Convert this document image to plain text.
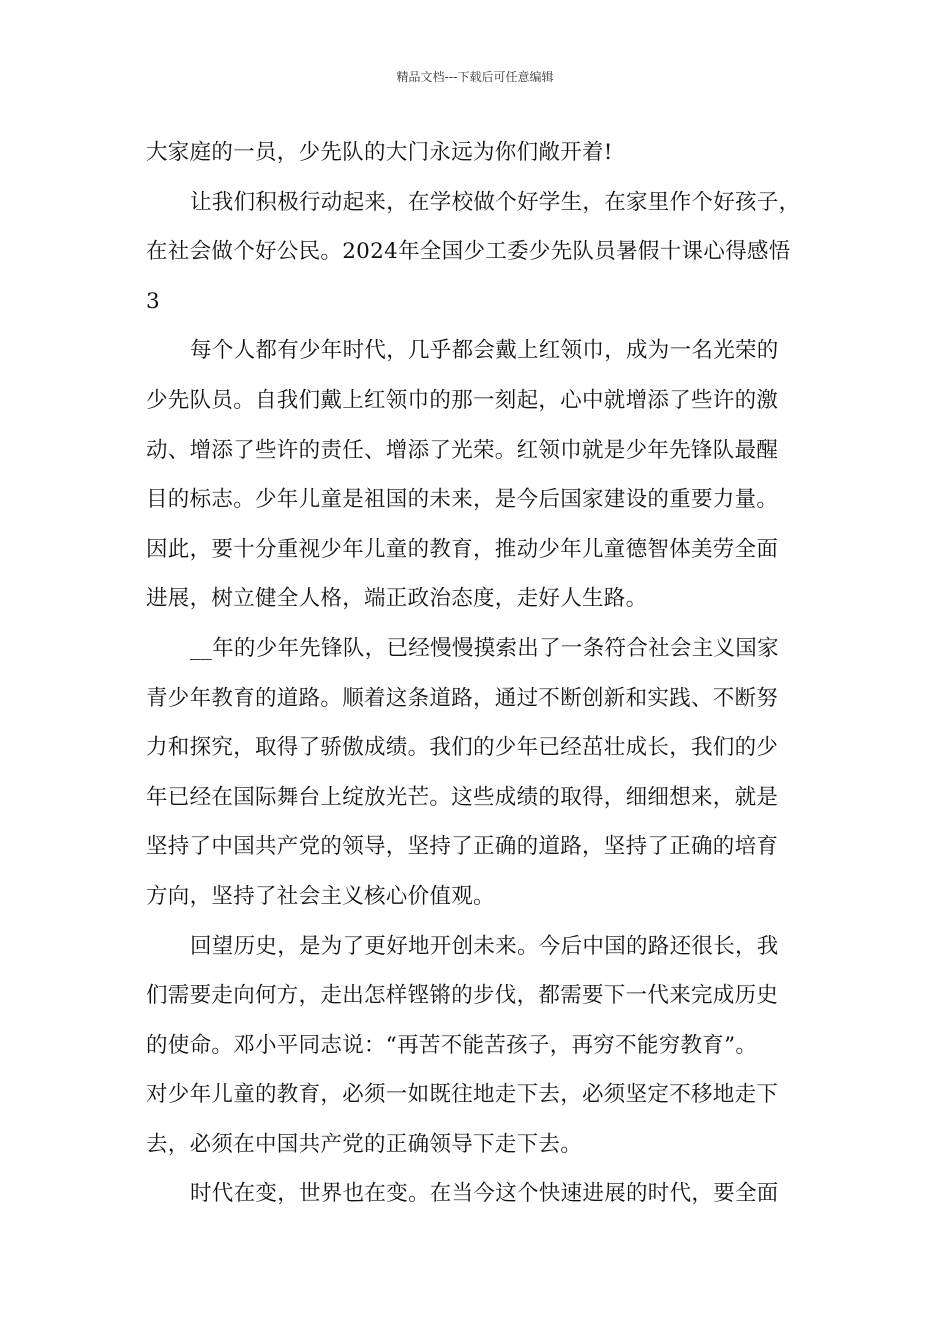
精品文档---下载后可任意编辑
大家庭的一员，少先队的大门永远为你们敞开着!
让我们积极行动起来，在学校做个好学生，在家里作个好孩子，
在社会做个好公民。2024年全国少工委少先队员暑假十课心得感悟
3
每个人都有少年时代，几乎都会戴上红领巾，成为一名光荣的
少先队员。自我们戴上红领巾的那一刻起，心中就增添了些许的激
动、增添了些许的责任、增添了光荣。红领巾就是少年先锋队最醒
目的标志。少年儿童是祖国的未来，是今后国家建设的重要力量。
因此，要十分重视少年儿童的教育，推动少年儿童德智体美劳全面
进展，树立健全人格，端正政治态度，走好人生路。
__年的少年先锋队，已经慢慢摸索出了一条符合社会主义国家
青少年教育的道路。顺着这条道路，通过不断创新和实践、不断努
力和探究，取得了骄傲成绩。我们的少年已经茁壮成长，我们的少
年已经在国际舞台上绽放光芒。这些成绩的取得，细细想来，就是
坚持了中国共产党的领导，坚持了正确的道路，坚持了正确的培育
方向，坚持了社会主义核心价值观。
回望历史，是为了更好地开创未来。今后中国的路还很长，我
们需要走向何方，走出怎样铿锵的步伐，都需要下一代来完成历史
的使命。邓小平同志说：“再苦不能苦孩子，再穷不能穷教育”。
对少年儿童的教育，必须一如既往地走下去，必须坚定不移地走下
去，必须在中国共产党的正确领导下走下去。
时代在变，世界也在变。在当今这个快速进展的时代，要全面
